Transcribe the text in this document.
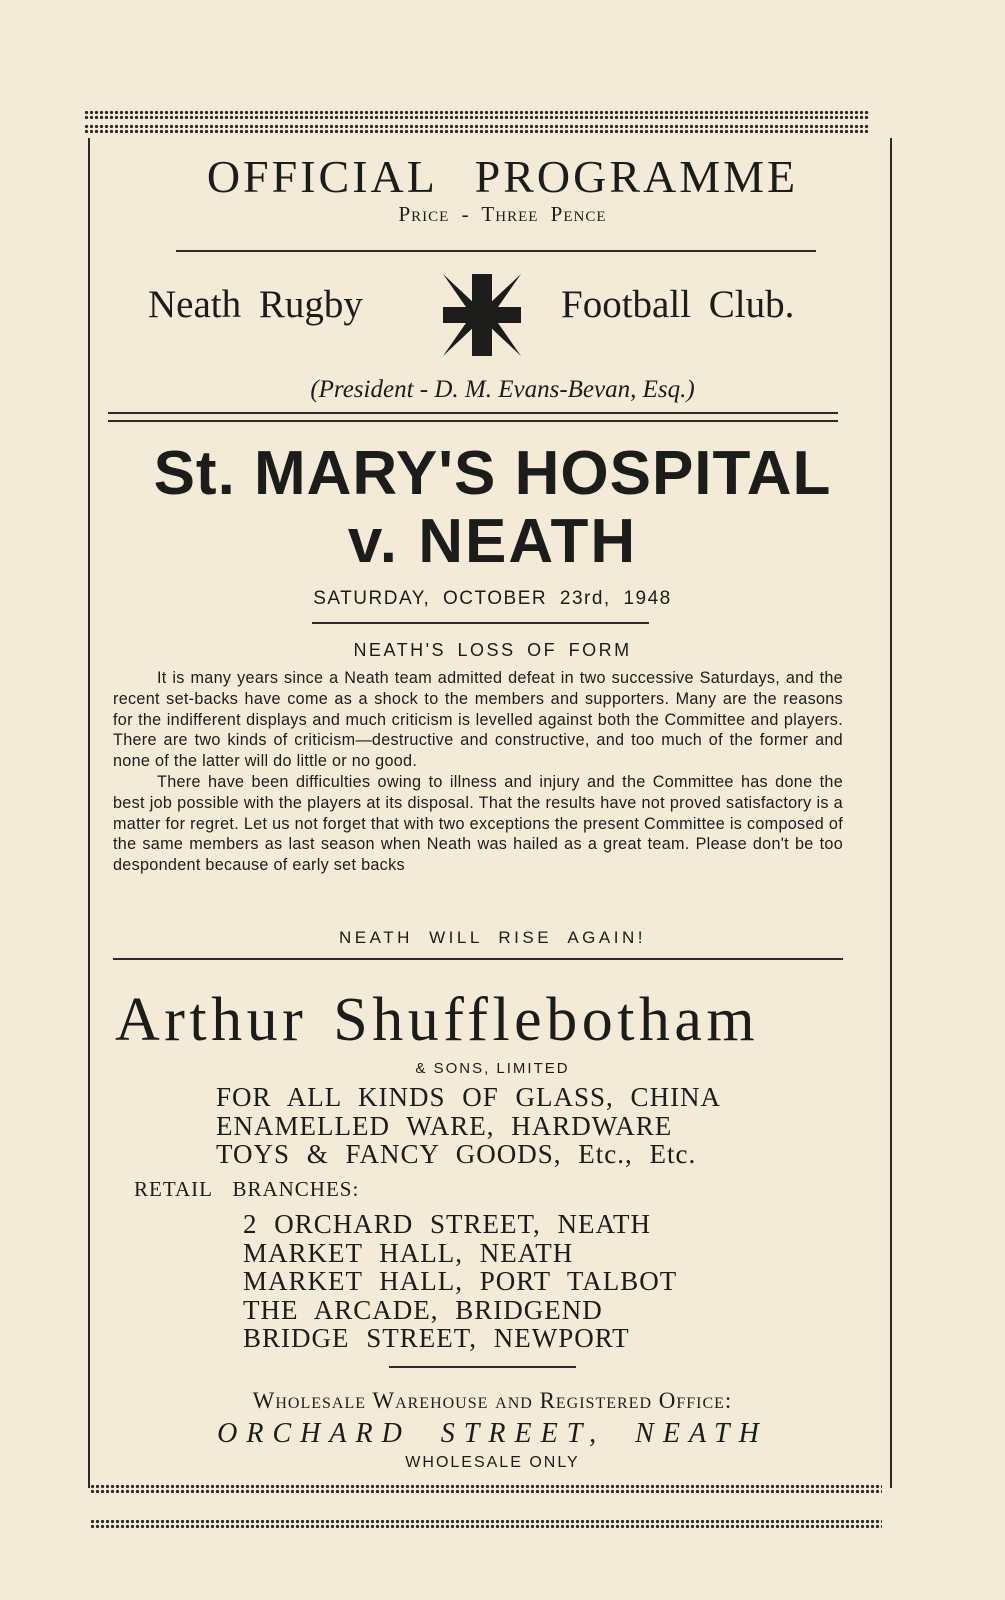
OFFICIAL PROGRAMME
Price - Three Pence
Neath Rugby	Football Club.
(President - D. M. Evans-Bevan, Esq.)
St. MARY'S HOSPITAL
v. NEATH
SATURDAY, OCTOBER 23rd, 1948
NEATH'S LOSS OF FORM

It is many years since a Neath team admitted defeat in two successive Saturdays, and the recent set-backs have come as a shock to the members and supporters. Many are the reasons for the indifferent displays and much criticism is levelled against both the Committee and players. There are two kinds of criticism—destructive and constructive, and too much of the former and none of the latter will do little or no good.

There have been difficulties owing to illness and injury and the Committee has done the best job possible with the players at its disposal. That the results have not proved satisfactory is a matter for regret. Let us not forget that with two exceptions the present Committee is composed of the same members as last season when Neath was hailed as a great team. Please don't be too despondent because of early set backs

NEATH WILL RISE AGAIN!
Arthur Shufflebotham
& SONS, LIMITED
FOR ALL KINDS OF GLASS, CHINA
ENAMELLED WARE, HARDWARE
TOYS & FANCY GOODS, Etc., Etc.
RETAIL BRANCHES:
2 ORCHARD STREET, NEATH
MARKET HALL, NEATH
MARKET HALL, PORT TALBOT
THE ARCADE, BRIDGEND
BRIDGE STREET, NEWPORT
Wholesale Warehouse and Registered Office:
ORCHARD STREET, NEATH
WHOLESALE ONLY
